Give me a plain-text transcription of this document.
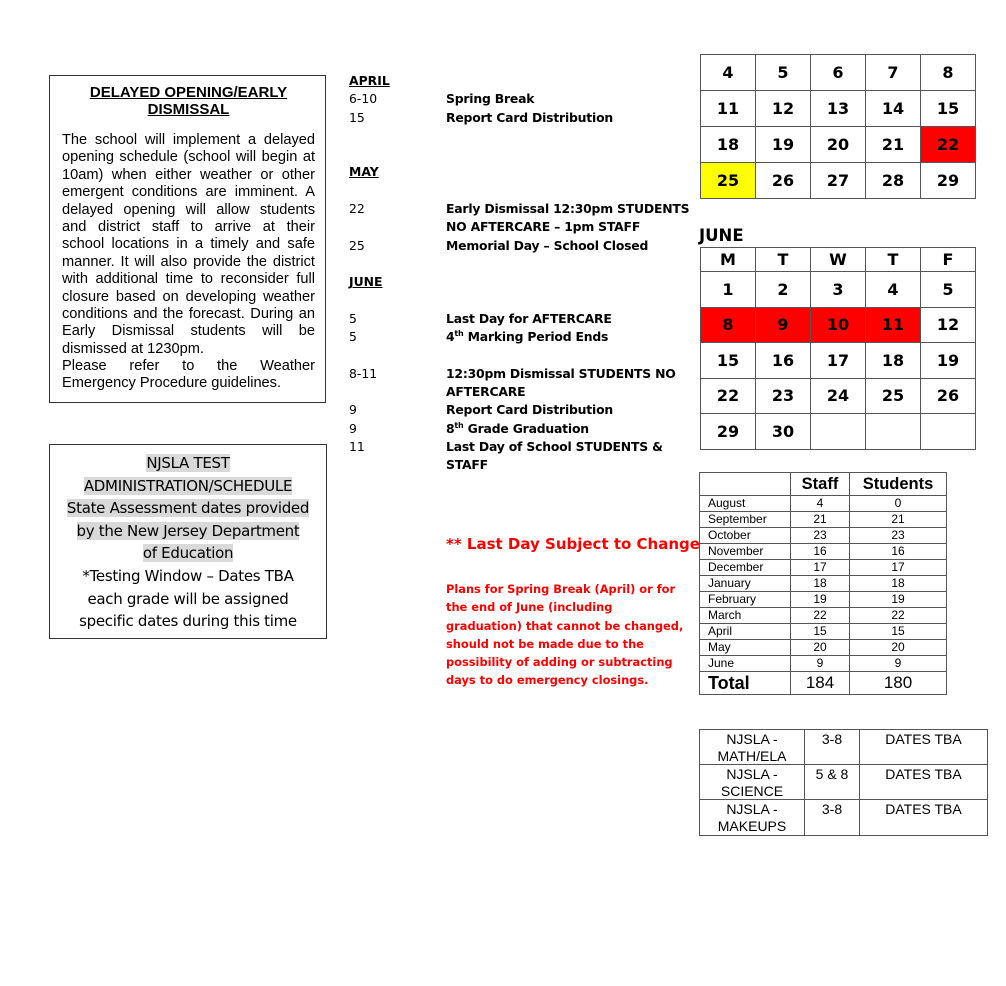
DELAYED OPENING/EARLY
DISMISSAL

The school will implement a delayed

opening schedule (school will begin at

10am) when either weather or other

emergent conditions are imminent. A

delayed opening will allow students

and district staff to arrive at their

school locations in a timely and safe

manner. It will also provide the district

with additional time to reconsider full

closure based on developing weather

conditions and the forecast. During an

Early Dismissal students will be

dismissed at 1230pm.

Please refer to the Weather

Emergency Procedure guidelines.

NJSLA TEST
ADMINISTRATION/SCHEDULE
State Assessment dates provided
by the New Jersey Department
of Education
*Testing Window – Dates TBA
each grade will be assigned
specific dates during this time
APRIL
6-10	Spring Break
15	Report Card Distribution
MAY
22	Early Dismissal 12:30pm STUDENTS
NO AFTERCARE – 1pm STAFF
25	Memorial Day – School Closed
JUNE
5	Last Day for AFTERCARE
5	4th Marking Period Ends
8-11	12:30pm Dismissal STUDENTS NO
AFTERCARE
9	Report Card Distribution
9	8th Grade Graduation
11	Last Day of School STUDENTS &
STAFF
** Last Day Subject to Change
Plans for Spring Break (April) or for the end of June (including graduation) that cannot be changed, should not be made due to the possibility of adding or subtracting days to do emergency closings.
4	5	6	7	8
11	12	13	14	15
18	19	20	21	22
25	26	27	28	29
JUNE
M	T	W	T	F
1	2	3	4	5
8	9	10	11	12
15	16	17	18	19
22	23	24	25	26
29	30			
	Staff	Students
August	4	0
September	21	21
October	23	23
November	16	16
December	17	17
January	18	18
February	19	19
March	22	22
April	15	15
May	20	20
June	9	9
Total	184	180
NJSLA -
MATH/ELA	3-8	DATES TBA
NJSLA -
SCIENCE	5 & 8	DATES TBA
NJSLA -
MAKEUPS	3-8	DATES TBA
